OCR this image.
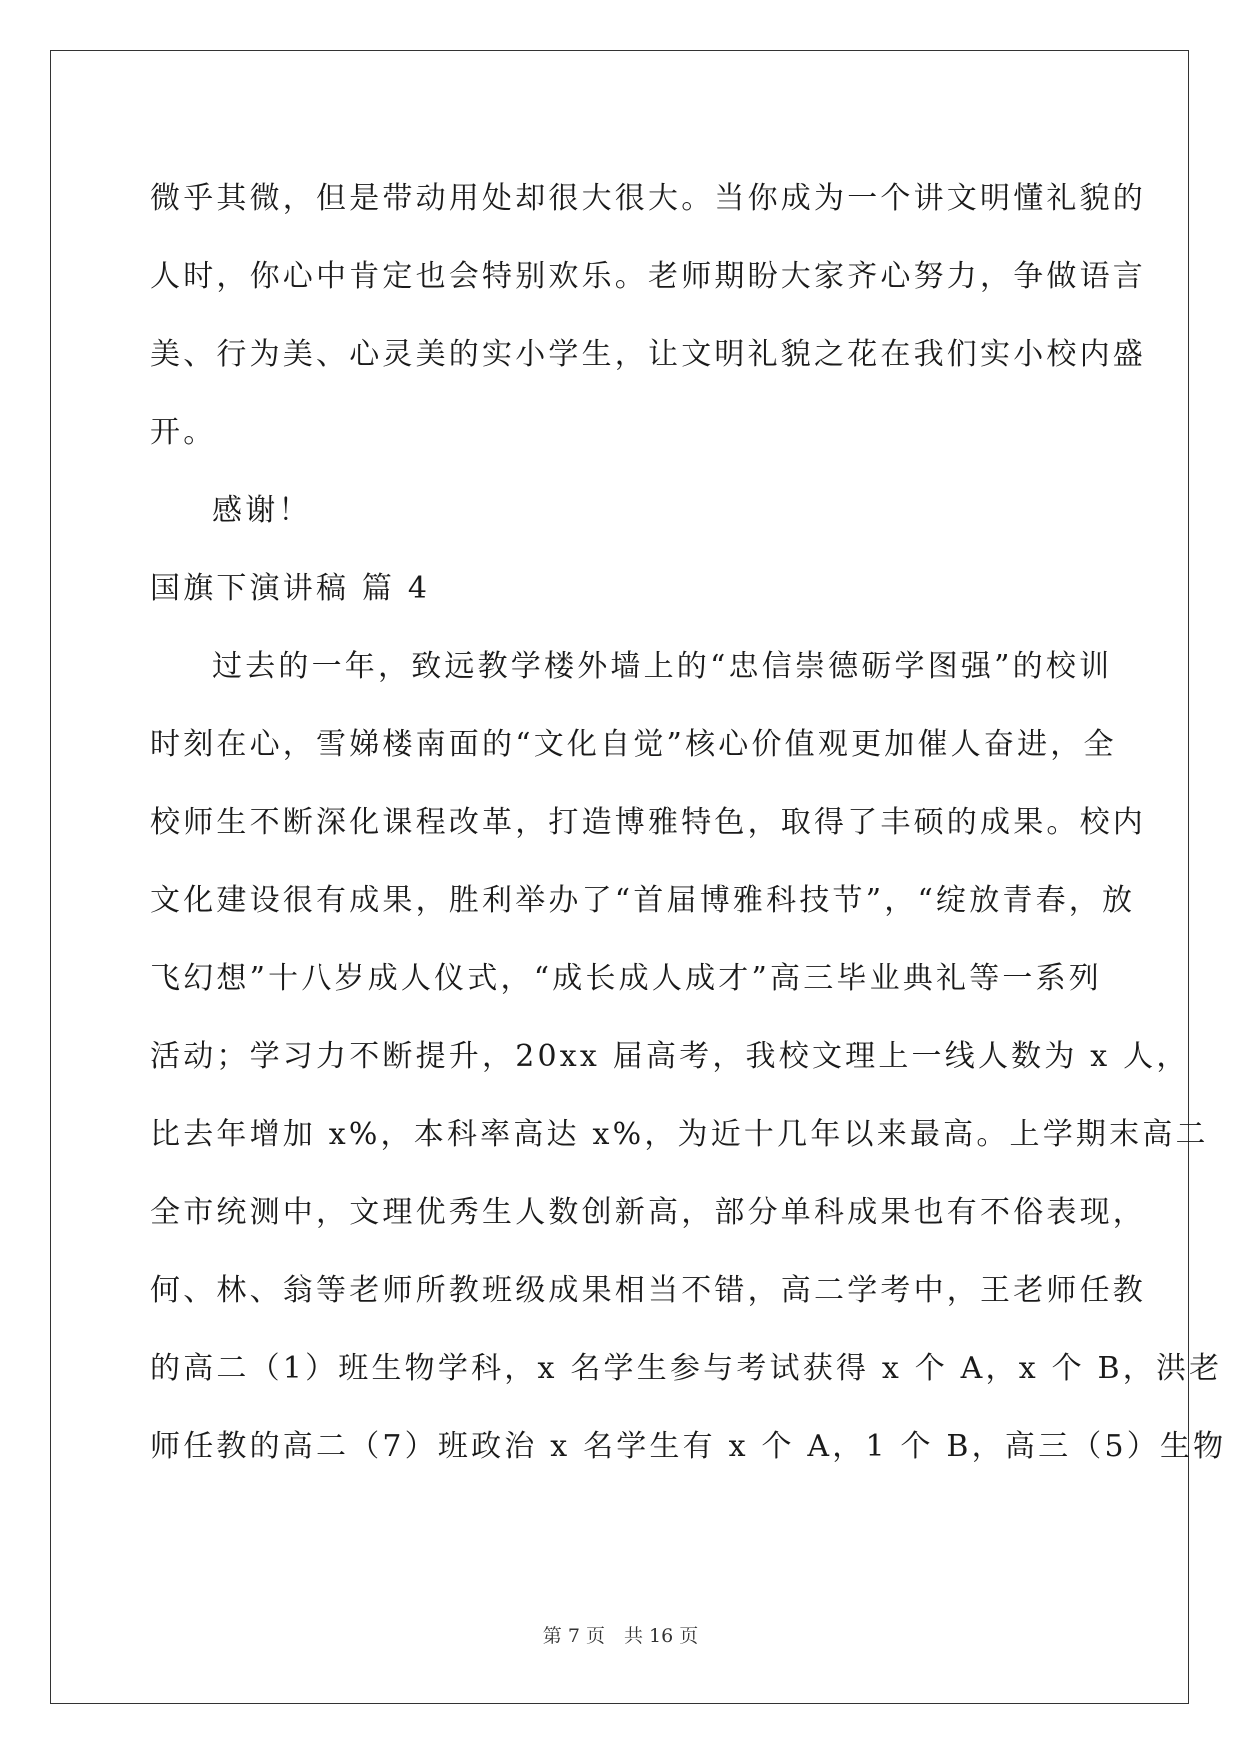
微乎其微，但是带动用处却很大很大。当你成为一个讲文明懂礼貌的

人时，你心中肯定也会特别欢乐。老师期盼大家齐心努力，争做语言

美、行为美、心灵美的实小学生，让文明礼貌之花在我们实小校内盛

开。

感谢！

国旗下演讲稿 篇 4

过去的一年，致远教学楼外墙上的“忠信崇德砺学图强”的校训

时刻在心，雪娣楼南面的“文化自觉”核心价值观更加催人奋进，全

校师生不断深化课程改革，打造博雅特色，取得了丰硕的成果。校内

文化建设很有成果，胜利举办了“首届博雅科技节”，“绽放青春，放

飞幻想”十八岁成人仪式，“成长成人成才”高三毕业典礼等一系列

活动；学习力不断提升，20xx 届高考，我校文理上一线人数为 x 人，

比去年增加 x%，本科率高达 x%，为近十几年以来最高。上学期末高二

全市统测中，文理优秀生人数创新高，部分单科成果也有不俗表现，

何、林、翁等老师所教班级成果相当不错，高二学考中，王老师任教

的高二（1）班生物学科，x 名学生参与考试获得 x 个 A，x 个 B，洪老

师任教的高二（7）班政治 x 名学生有 x 个 A，1 个 B，高三（5）生物

第 7 页　共 16 页
